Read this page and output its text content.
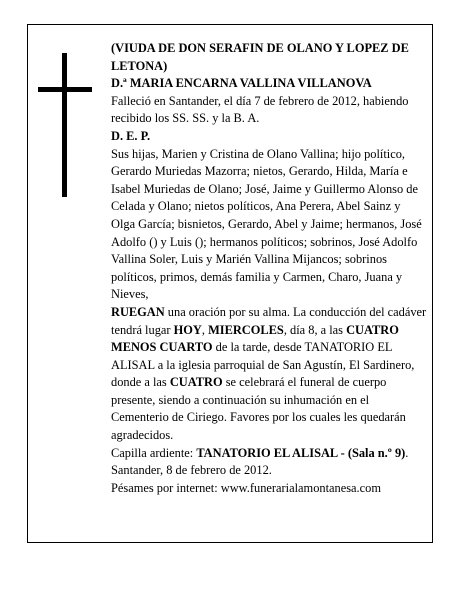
(VIUDA DE DON SERAFIN DE OLANO Y LOPEZ DE LETONA)

D.ª MARIA ENCARNA VALLINA VILLANOVA

Falleció en Santander, el día 7 de febrero de 2012, habiendo recibido los SS. SS. y la B. A.

D. E. P.

Sus hijas, Marien y Cristina de Olano Vallina; hijo político, Gerardo Muriedas Mazorra; nietos, Gerardo, Hilda, María e Isabel Muriedas de Olano; José, Jaime y Guillermo Alonso de Celada y Olano; nietos políticos, Ana Perera, Abel Sainz y Olga García; bisnietos, Gerardo, Abel y Jaime; hermanos, José Adolfo () y Luis (); hermanos políticos; sobrinos, José Adolfo Vallina Soler, Luis y Marién Vallina Mijancos; sobrinos políticos, primos, demás familia y Carmen, Charo, Juana y Nieves,

RUEGAN una oración por su alma. La conducción del cadáver tendrá lugar HOY, MIERCOLES, día 8, a las CUATRO MENOS CUARTO de la tarde, desde TANATORIO EL ALISAL a la iglesia parroquial de San Agustín, El Sardinero, donde a las CUATRO se celebrará el funeral de cuerpo presente, siendo a continuación su inhumación en el Cementerio de Ciriego. Favores por los cuales les quedarán agradecidos.

Capilla ardiente: TANATORIO EL ALISAL - (Sala n.º 9).

Santander, 8 de febrero de 2012.

Pésames por internet: www.funerarialamontanesa.com
